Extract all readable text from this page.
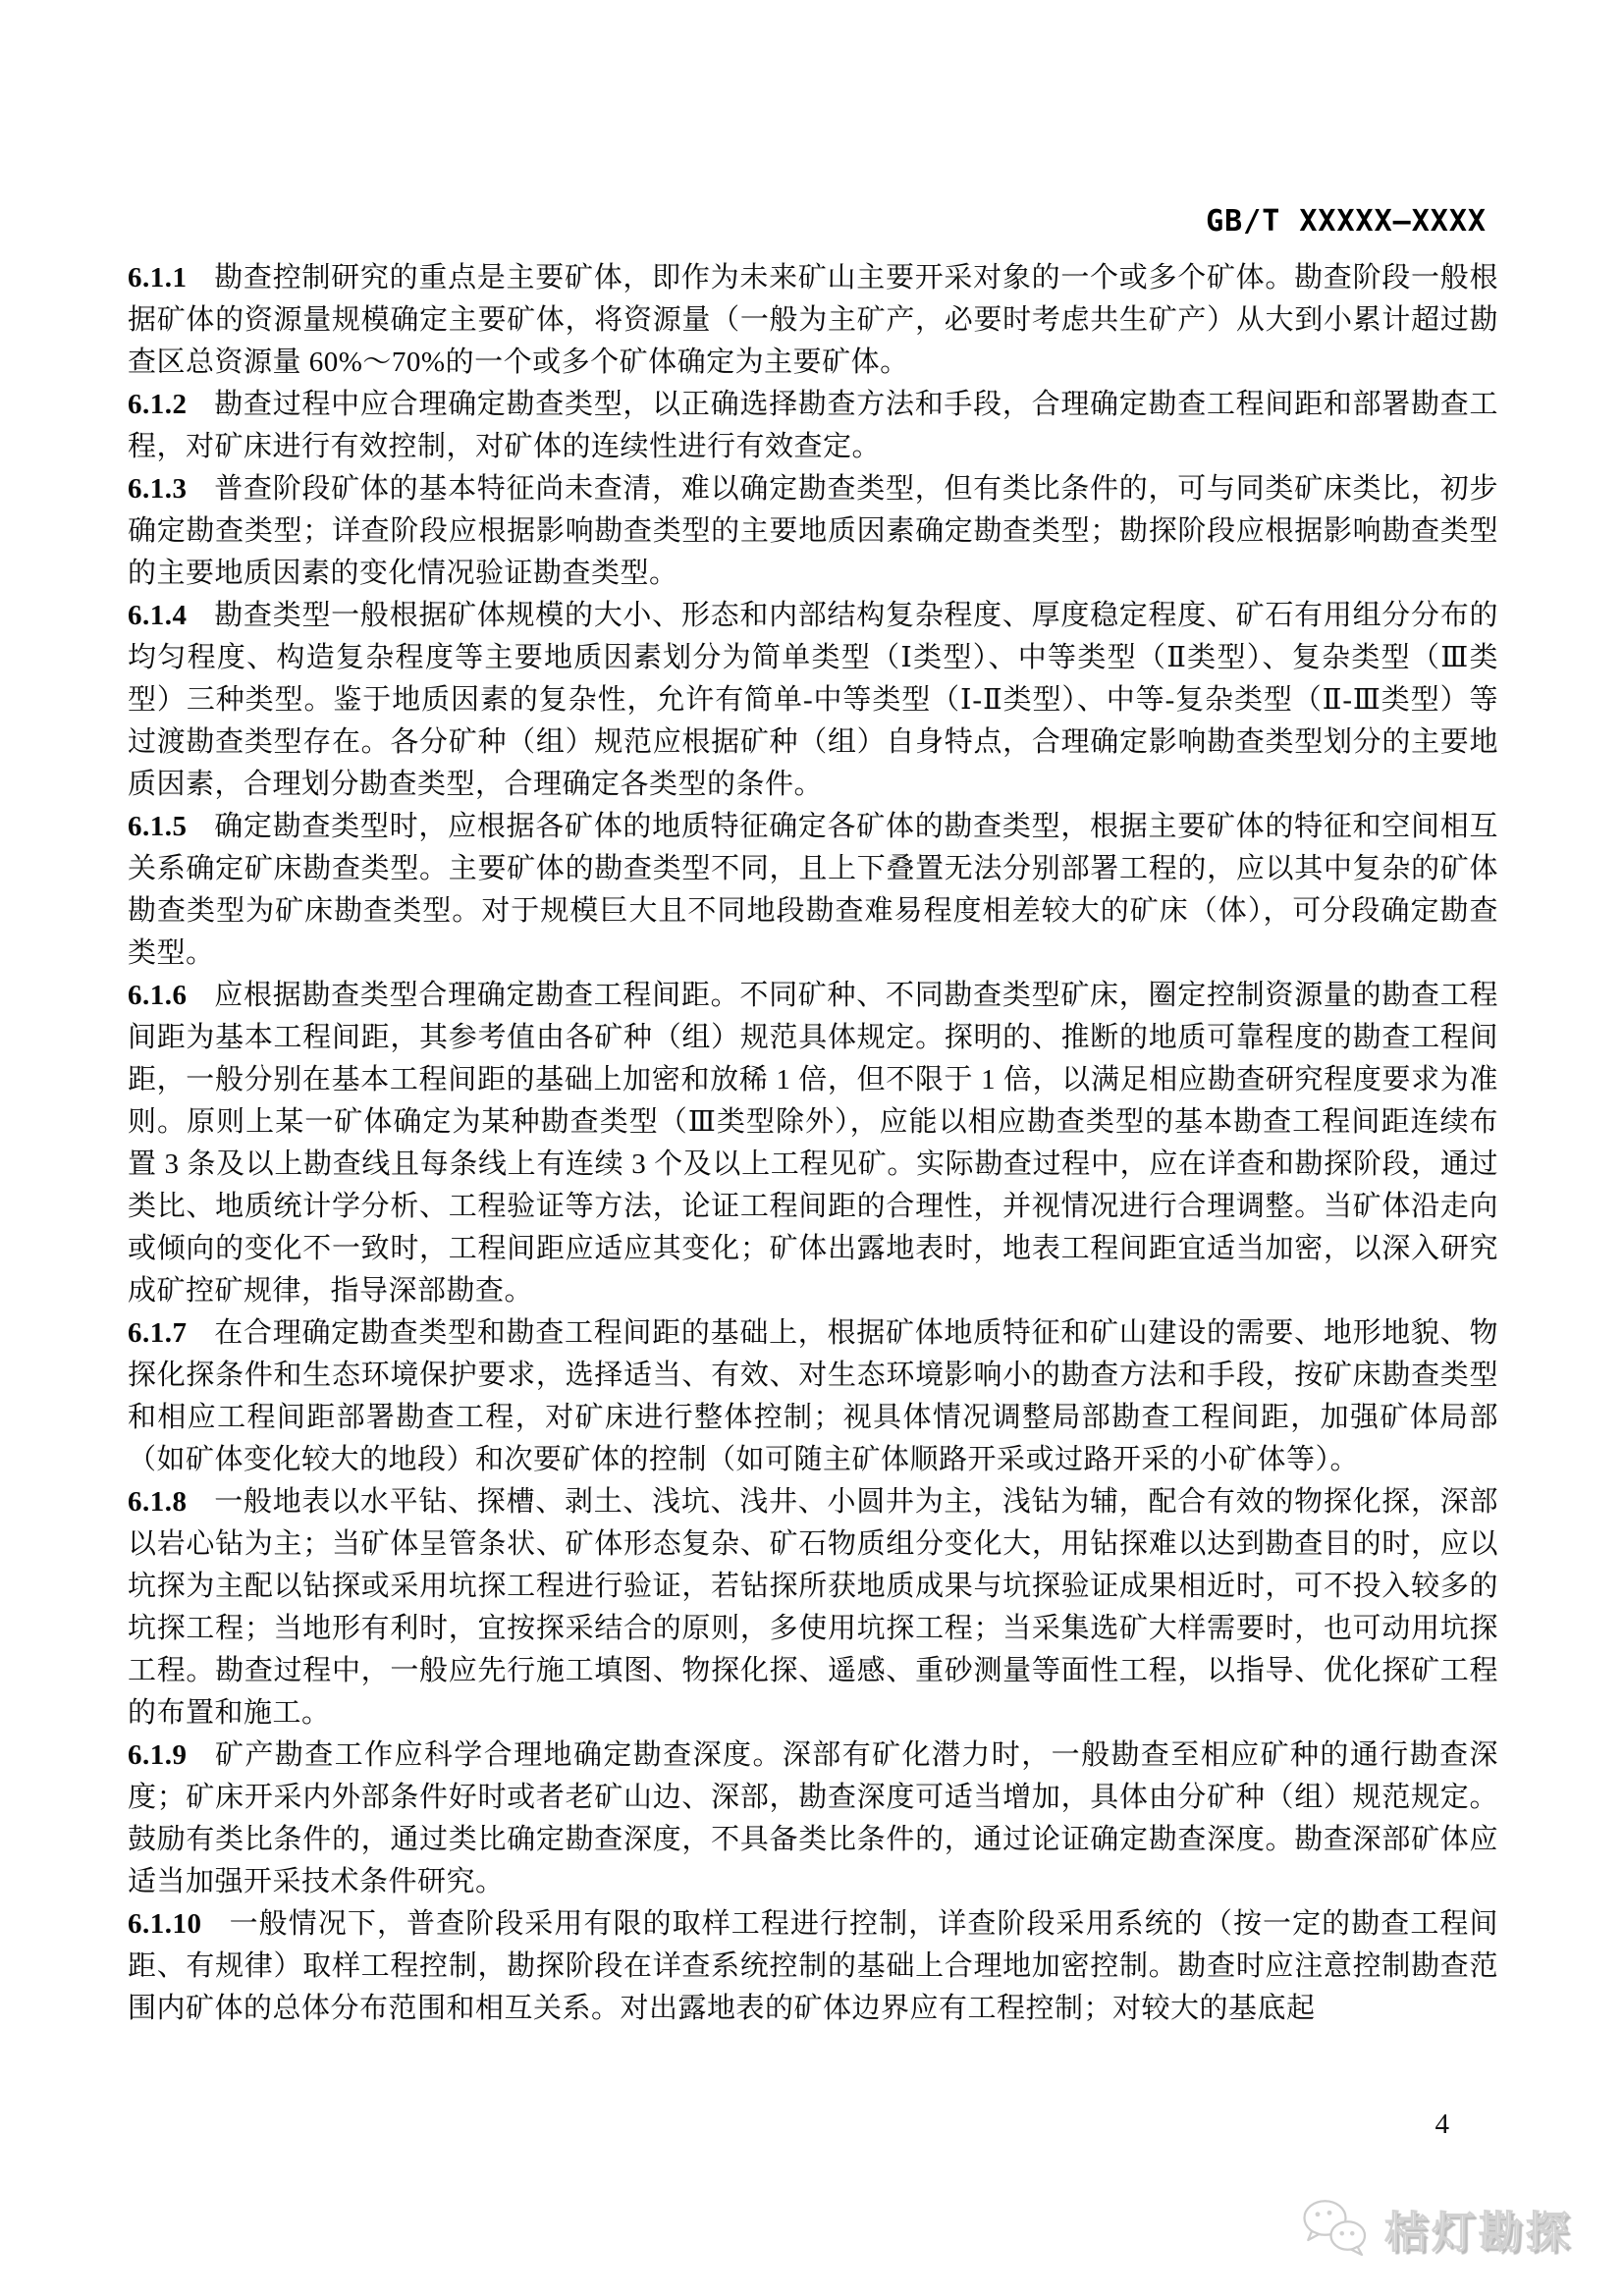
GB/T XXXXX—XXXX

6.1.1 勘查控制研究的重点是主要矿体，即作为未来矿山主要开采对象的一个或多个矿体。勘查阶段一般根据矿体的资源量规模确定主要矿体，将资源量（一般为主矿产，必要时考虑共生矿产）从大到小累计超过勘查区总资源量 60%～70%的一个或多个矿体确定为主要矿体。

6.1.2 勘查过程中应合理确定勘查类型，以正确选择勘查方法和手段，合理确定勘查工程间距和部署勘查工程，对矿床进行有效控制，对矿体的连续性进行有效查定。

6.1.3 普查阶段矿体的基本特征尚未查清，难以确定勘查类型，但有类比条件的，可与同类矿床类比，初步确定勘查类型；详查阶段应根据影响勘查类型的主要地质因素确定勘查类型；勘探阶段应根据影响勘查类型的主要地质因素的变化情况验证勘查类型。

6.1.4 勘查类型一般根据矿体规模的大小、形态和内部结构复杂程度、厚度稳定程度、矿石有用组分分布的均匀程度、构造复杂程度等主要地质因素划分为简单类型（Ⅰ类型）、中等类型（Ⅱ类型）、复杂类型（Ⅲ类型）三种类型。鉴于地质因素的复杂性，允许有简单-中等类型（Ⅰ-Ⅱ类型）、中等-复杂类型（Ⅱ-Ⅲ类型）等过渡勘查类型存在。各分矿种（组）规范应根据矿种（组）自身特点，合理确定影响勘查类型划分的主要地质因素，合理划分勘查类型，合理确定各类型的条件。

6.1.5 确定勘查类型时，应根据各矿体的地质特征确定各矿体的勘查类型，根据主要矿体的特征和空间相互关系确定矿床勘查类型。主要矿体的勘查类型不同，且上下叠置无法分别部署工程的，应以其中复杂的矿体勘查类型为矿床勘查类型。对于规模巨大且不同地段勘查难易程度相差较大的矿床（体），可分段确定勘查类型。

6.1.6 应根据勘查类型合理确定勘查工程间距。不同矿种、不同勘查类型矿床，圈定控制资源量的勘查工程间距为基本工程间距，其参考值由各矿种（组）规范具体规定。探明的、推断的地质可靠程度的勘查工程间距，一般分别在基本工程间距的基础上加密和放稀 1 倍，但不限于 1 倍，以满足相应勘查研究程度要求为准则。原则上某一矿体确定为某种勘查类型（Ⅲ类型除外），应能以相应勘查类型的基本勘查工程间距连续布置 3 条及以上勘查线且每条线上有连续 3 个及以上工程见矿。实际勘查过程中，应在详查和勘探阶段，通过类比、地质统计学分析、工程验证等方法，论证工程间距的合理性，并视情况进行合理调整。当矿体沿走向或倾向的变化不一致时，工程间距应适应其变化；矿体出露地表时，地表工程间距宜适当加密，以深入研究成矿控矿规律，指导深部勘查。

6.1.7 在合理确定勘查类型和勘查工程间距的基础上，根据矿体地质特征和矿山建设的需要、地形地貌、物探化探条件和生态环境保护要求，选择适当、有效、对生态环境影响小的勘查方法和手段，按矿床勘查类型和相应工程间距部署勘查工程，对矿床进行整体控制；视具体情况调整局部勘查工程间距，加强矿体局部（如矿体变化较大的地段）和次要矿体的控制（如可随主矿体顺路开采或过路开采的小矿体等）。

6.1.8 一般地表以水平钻、探槽、剥土、浅坑、浅井、小圆井为主，浅钻为辅，配合有效的物探化探，深部以岩心钻为主；当矿体呈管条状、矿体形态复杂、矿石物质组分变化大，用钻探难以达到勘查目的时，应以坑探为主配以钻探或采用坑探工程进行验证，若钻探所获地质成果与坑探验证成果相近时，可不投入较多的坑探工程；当地形有利时，宜按探采结合的原则，多使用坑探工程；当采集选矿大样需要时，也可动用坑探工程。勘查过程中，一般应先行施工填图、物探化探、遥感、重砂测量等面性工程，以指导、优化探矿工程的布置和施工。

6.1.9 矿产勘查工作应科学合理地确定勘查深度。深部有矿化潜力时，一般勘查至相应矿种的通行勘查深度；矿床开采内外部条件好时或者老矿山边、深部，勘查深度可适当增加，具体由分矿种（组）规范规定。鼓励有类比条件的，通过类比确定勘查深度，不具备类比条件的，通过论证确定勘查深度。勘查深部矿体应适当加强开采技术条件研究。

6.1.10 一般情况下，普查阶段采用有限的取样工程进行控制，详查阶段采用系统的（按一定的勘查工程间距、有规律）取样工程控制，勘探阶段在详查系统控制的基础上合理地加密控制。勘查时应注意控制勘查范围内矿体的总体分布范围和相互关系。对出露地表的矿体边界应有工程控制；对较大的基底起

4
桔灯勘探
